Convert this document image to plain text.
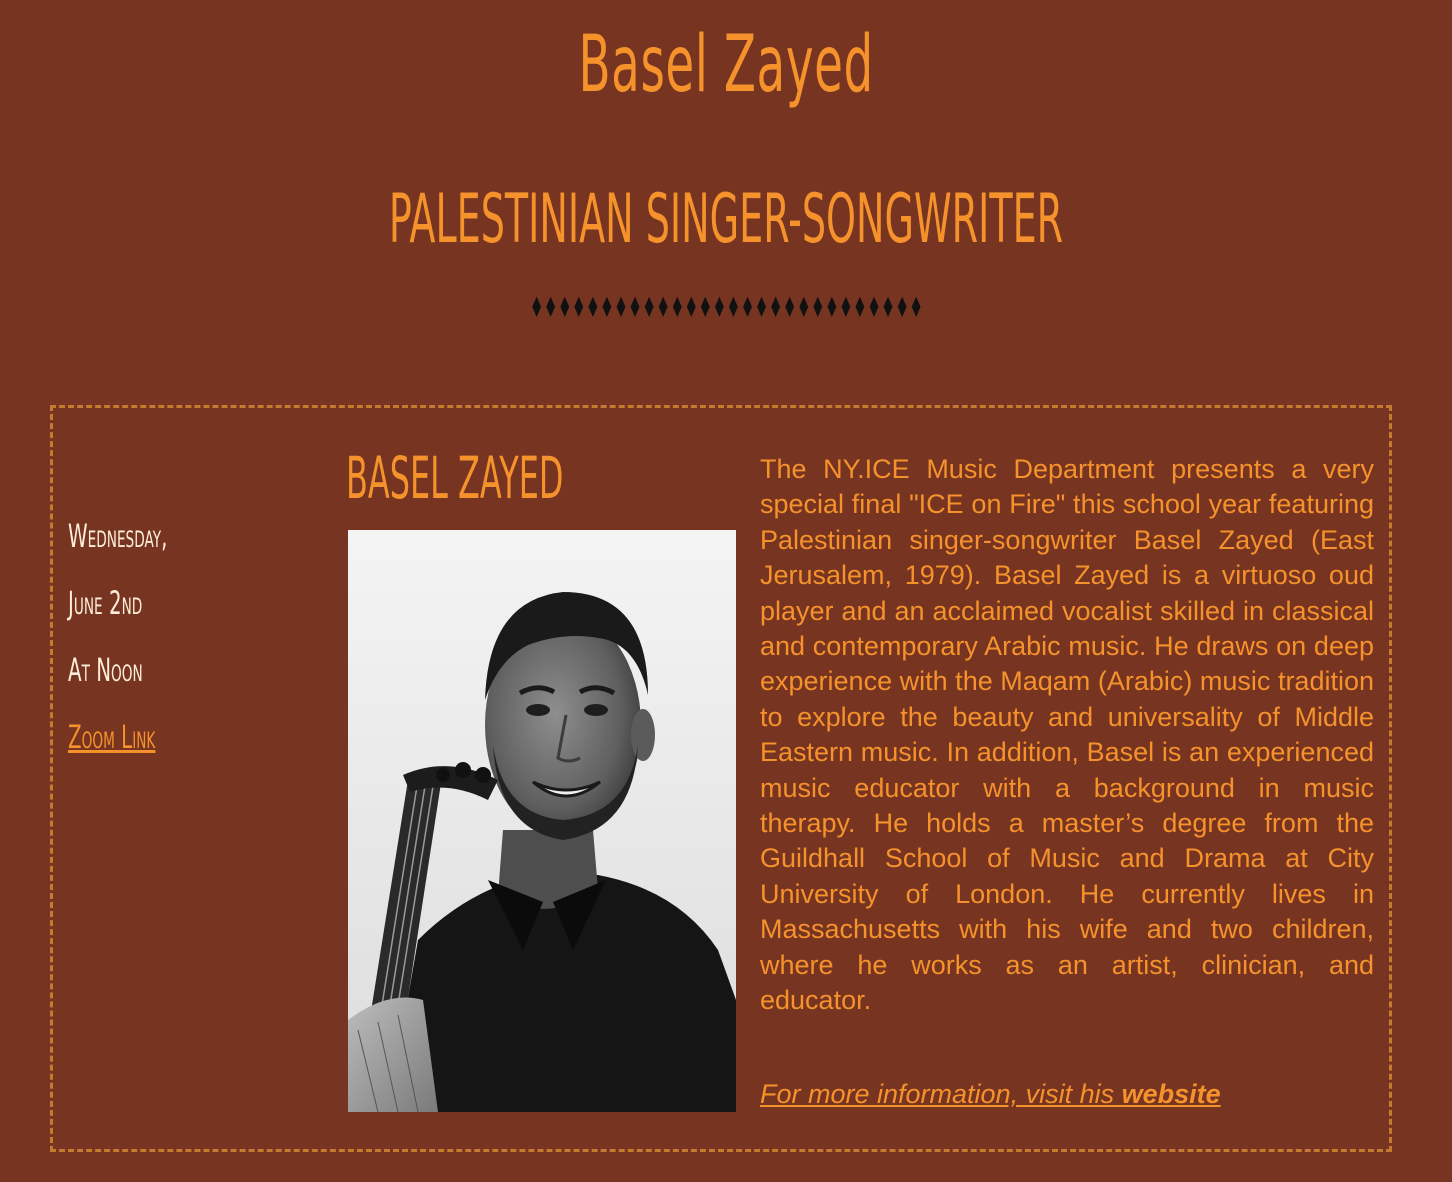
Basel Zayed
PALESTINIAN SINGER-SONGWRITER
♦♦♦♦♦♦♦♦♦♦♦♦♦♦♦♦♦♦♦♦♦♦♦♦♦♦♦♦
Wednesday,
June 2nd
At Noon
Zoom Link
BASEL ZAYED	The NY.ICE Music Department presents a very special final "ICE on Fire" this school year featuring Palestinian singer-songwriter Basel Zayed (East Jerusalem, 1979). Basel Zayed is a virtuoso oud player and an acclaimed vocalist skilled in classical and contemporary Arabic music. He draws on deep experience with the Maqam (Arabic) music tradition to explore the beauty and universality of Middle Eastern music. In addition, Basel is an experienced music educator with a background in music therapy. He holds a master’s degree from the Guildhall School of Music and Drama at City University of London. He currently lives in Massachusetts with his wife and two children, where he works as an artist, clinician, and educator.

For more information, visit his website
